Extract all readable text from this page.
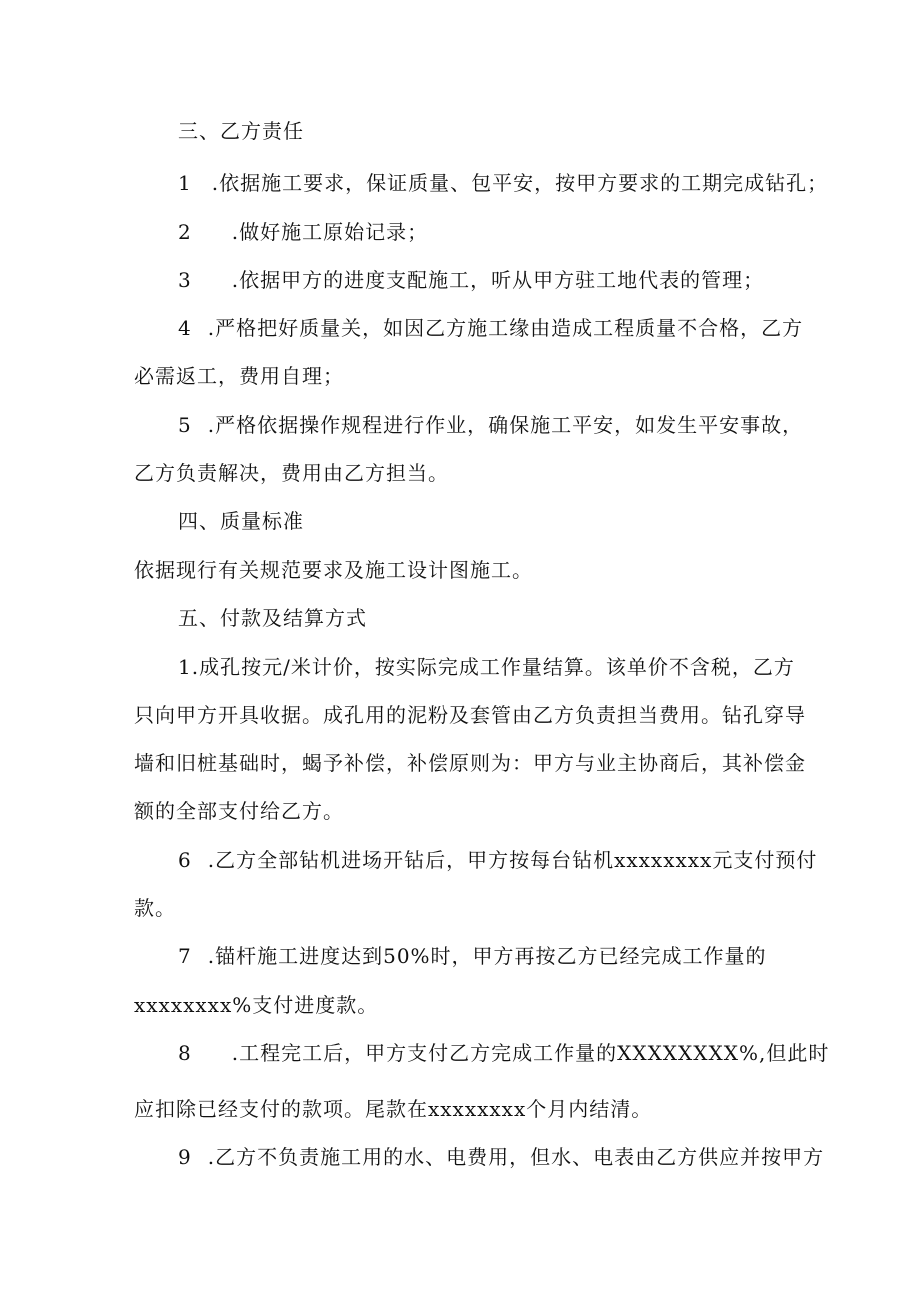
三、乙方责任
1 .依据施工要求，保证质量、包平安，按甲方要求的工期完成钻孔；
2 .做好施工原始记录；
3 .依据甲方的进度支配施工，听从甲方驻工地代表的管理；
4 .严格把好质量关，如因乙方施工缘由造成工程质量不合格，乙方
必需返工，费用自理；
5 .严格依据操作规程进行作业，确保施工平安，如发生平安事故，
乙方负责解决，费用由乙方担当。
四、质量标准
依据现行有关规范要求及施工设计图施工。
五、付款及结算方式
1.成孔按元/米计价，按实际完成工作量结算。该单价不含税，乙方
只向甲方开具收据。成孔用的泥粉及套管由乙方负责担当费用。钻孔穿导
墙和旧桩基础时，蝎予补偿，补偿原则为：甲方与业主协商后，其补偿金
额的全部支付给乙方。
6 .乙方全部钻机进场开钻后，甲方按每台钻机xxxxxxxx元支付预付
款。
7 .锚杆施工进度达到50%时，甲方再按乙方已经完成工作量的
xxxxxxxx%支付进度款。
8 .工程完工后，甲方支付乙方完成工作量的XXXXXXXX%,但此时
应扣除已经支付的款项。尾款在xxxxxxxx个月内结清。
9 .乙方不负责施工用的水、电费用，但水、电表由乙方供应并按甲方
